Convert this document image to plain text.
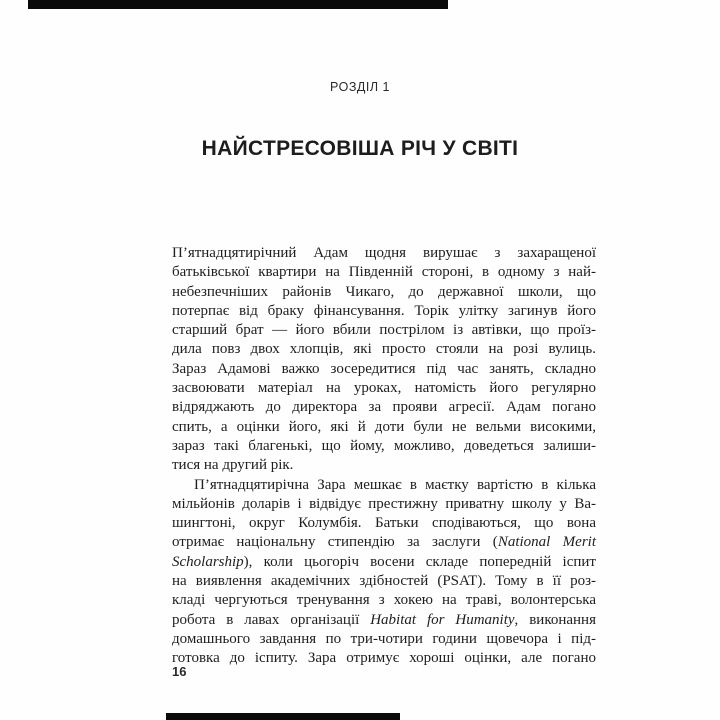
РОЗДІЛ 1
НАЙСТРЕСОВІША РІЧ У СВІТІ
П’ятнадцятирічний Адам щодня вирушає з захаращеної
батьківської квартири на Південній стороні, в одному з най-
небезпечніших районів Чикаго, до державної школи, що
потерпає від браку фінансування. Торік улітку загинув його
старший брат — його вбили пострілом із автівки, що проїз-
дила повз двох хлопців, які просто стояли на розі вулиць.
Зараз Адамові важко зосередитися під час занять, складно
засвоювати матеріал на уроках, натомість його регулярно
відряджають до директора за прояви агресії. Адам погано
спить, а оцінки його, які й доти були не вельми високими,
зараз такі благенькі, що йому, можливо, доведеться залиши-
тися на другий рік.
П’ятнадцятирічна Зара мешкає в маєтку вартістю в кілька
мільйонів доларів і відвідує престижну приватну школу у Ва-
шингтоні, округ Колумбія. Батьки сподіваються, що вона
отримає національну стипендію за заслуги (National Merit
Scholarship), коли цьогоріч восени складе попередній іспит
на виявлення академічних здібностей (PSAT). Тому в її роз-
кладі чергуються тренування з хокею на траві, волонтерська
робота в лавах організації Habitat for Humanity, виконання
домашнього завдання по три-чотири години щовечора і під-
готовка до іспиту. Зара отримує хороші оцінки, але погано
16
